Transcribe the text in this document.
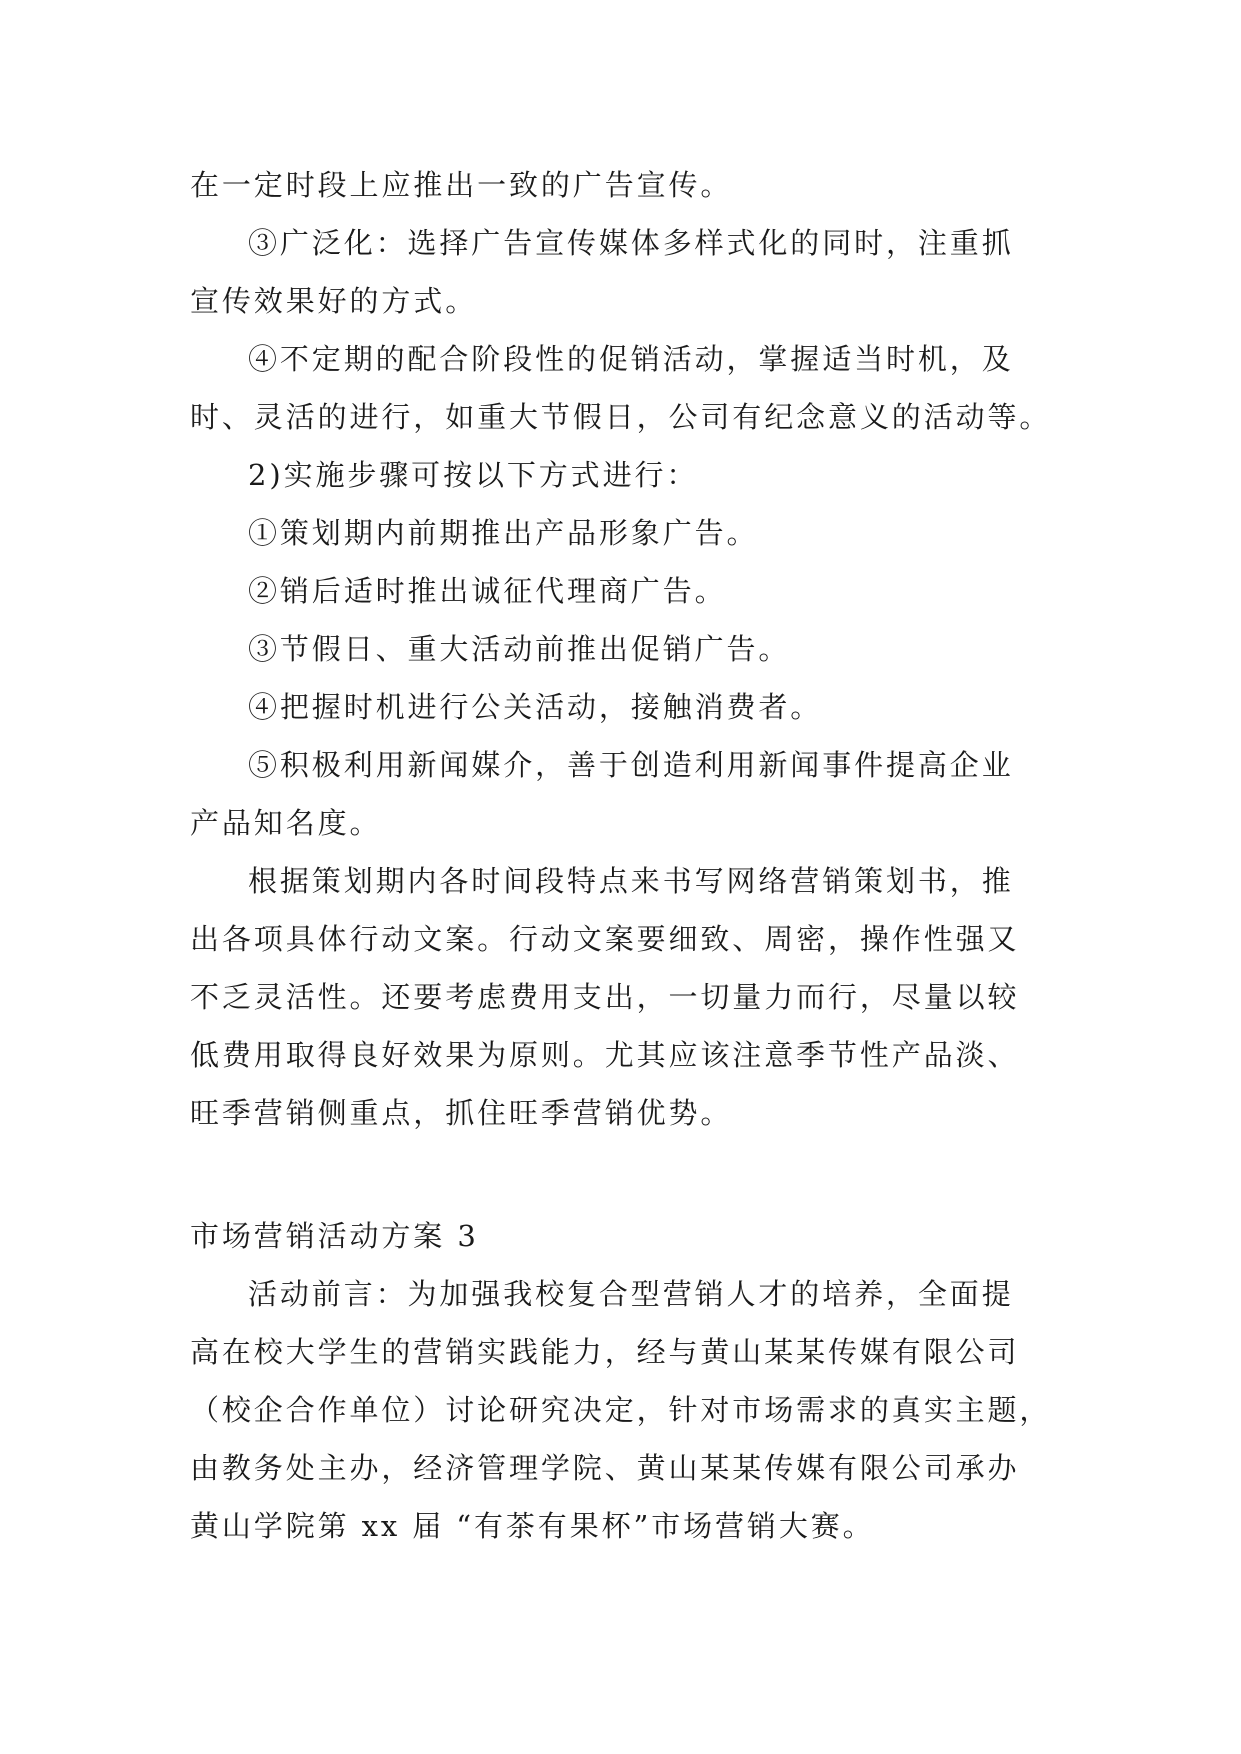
在一定时段上应推出一致的广告宣传。

③广泛化：选择广告宣传媒体多样式化的同时，注重抓

宣传效果好的方式。

④不定期的配合阶段性的促销活动，掌握适当时机，及

时、灵活的进行，如重大节假日，公司有纪念意义的活动等。

2)实施步骤可按以下方式进行：

①策划期内前期推出产品形象广告。

②销后适时推出诚征代理商广告。

③节假日、重大活动前推出促销广告。

④把握时机进行公关活动，接触消费者。

⑤积极利用新闻媒介，善于创造利用新闻事件提高企业

产品知名度。

根据策划期内各时间段特点来书写网络营销策划书，推

出各项具体行动文案。行动文案要细致、周密，操作性强又

不乏灵活性。还要考虑费用支出，一切量力而行，尽量以较

低费用取得良好效果为原则。尤其应该注意季节性产品淡、

旺季营销侧重点，抓住旺季营销优势。

市场营销活动方案 3

活动前言：为加强我校复合型营销人才的培养，全面提

高在校大学生的营销实践能力，经与黄山某某传媒有限公司

（校企合作单位）讨论研究决定，针对市场需求的真实主题，

由教务处主办，经济管理学院、黄山某某传媒有限公司承办

黄山学院第 xx 届 “有茶有果杯”市场营销大赛。
